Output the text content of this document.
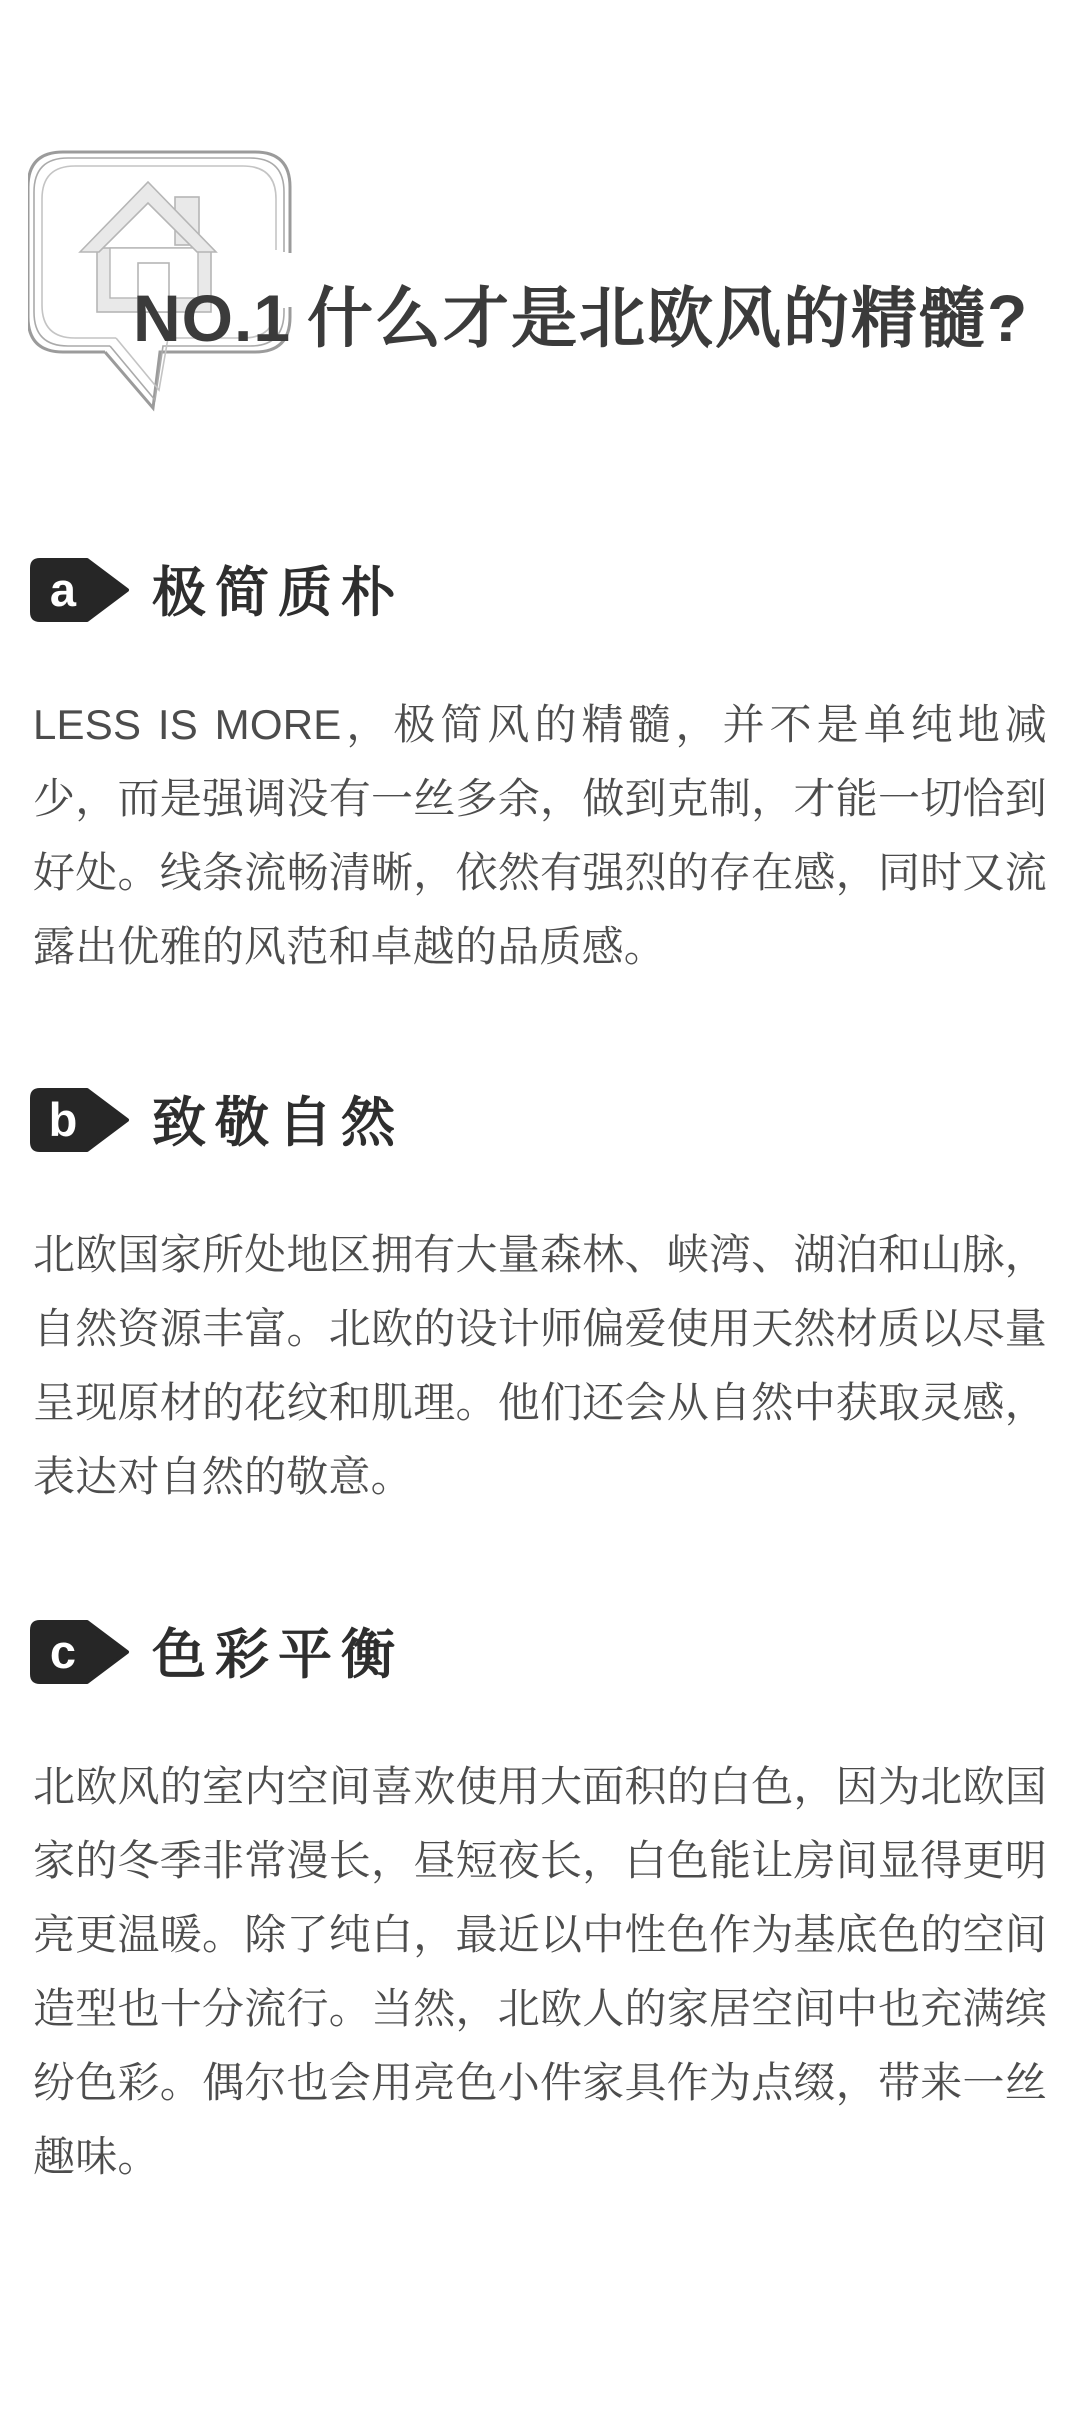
NO.1 什么才是北欧风的精髓?
a 极简质朴

LESS IS MORE，极简风的精髓，并不是单纯地减少，而是强调没有一丝多余，做到克制，才能一切恰到好处。线条流畅清晰，依然有强烈的存在感，同时又流露出优雅的风范和卓越的品质感。

b 致敬自然

北欧国家所处地区拥有大量森林、峡湾、湖泊和山脉，自然资源丰富。北欧的设计师偏爱使用天然材质以尽量呈现原材的花纹和肌理。他们还会从自然中获取灵感，表达对自然的敬意。

c 色彩平衡

北欧风的室内空间喜欢使用大面积的白色，因为北欧国家的冬季非常漫长，昼短夜长，白色能让房间显得更明亮更温暖。除了纯白，最近以中性色作为基底色的空间造型也十分流行。当然，北欧人的家居空间中也充满缤纷色彩。偶尔也会用亮色小件家具作为点缀，带来一丝趣味。
